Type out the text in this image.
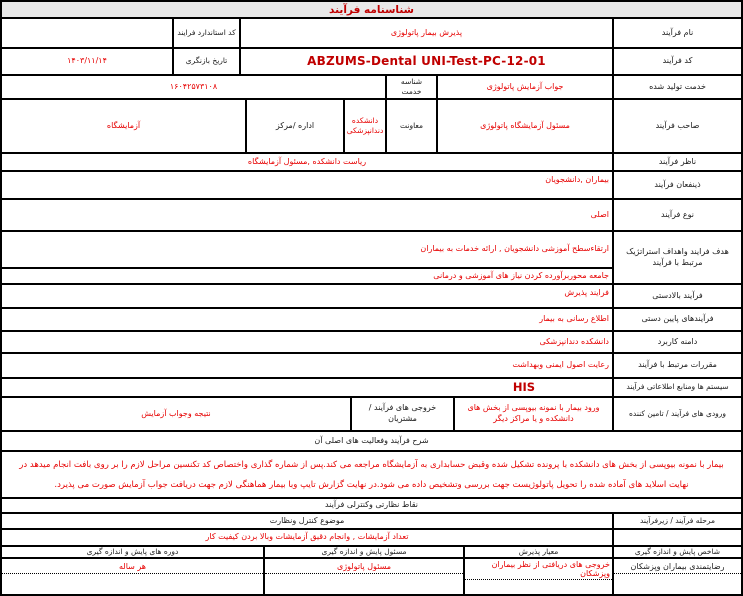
شناسنامه فرآیند
نام فرآیند
پذیرش بیمار پاتولوژی
کد استاندارد فرایند
کد فرآیند
ABZUMS-Dental UNI-Test-PC-12-01
تاریخ بازنگری
۱۴۰۳/۱۱/۱۴
خدمت تولید شده
جواب آزمایش پاتولوژی
شناسه خدمت
۱۶۰۴۲۵۷۳۱۰۸
صاحب فرآیند
مسئول آزمایشگاه پاتولوژی
معاونت
دانشکده دندانپزشکی
اداره /مرکز
آزمایشگاه
ناظر فرآیند
ریاست دانشکده ,مسئول آزمایشگاه
ذینفعان فرآیند
بیماران ,دانشجویان
نوع فرآیند
اصلی
هدف فرایند واهداف استراتژیک مرتبط با فرآیند
ارتقاءسطح آموزشی دانشجویان , ارائه خدمات به بیماران
جامعه محوربرآورده کردن نیاز های آموزشی و درمانی
فرآیند بالادستی
فرایند پذیرش
فرآیندهای پایین دستی
اطلاع رسانی به بیمار
دامنه کاربرد
دانشکده دندانپزشکی
مقررات مرتبط با فرآیند
رعایت اصول ایمنی وبهداشت
سیستم ها ومنابع اطلاعاتی فرآیند
HIS
ورودی های فرآیند / تامین کننده
ورود بیمار با نمونه بیوپسی از بخش های دانشکده و یا مراکز دیگر
خروجی های فرآیند / مشتریان
نتیجه وجواب آزمایش
شرح فرآیند وفعالیت های اصلی آن
بیمار با نمونه بیوپسی از بخش های دانشکده با پرونده تشکیل شده وقبض حسابداری به آزمایشگاه مراجعه می کند.پس از شماره گذاری واختصاص کد تکنسین مراحل لازم را بر روی بافت انجام میدهد در نهایت اسلاید های آماده شده را تحویل پاتولوژیست جهت بررسی وتشخیص داده می شود.در نهایت گزارش تایپ وبا بیمار هماهنگی لازم جهت دریافت جواب آزمایش صورت می پذیرد.
نقاط نظارتی وکنترلی فرآیند
مرحله فرآیند / زیرفرآیند
موضوع کنترل ونظارت
تعداد آزمایشات , وانجام دقیق آزمایشات وبالا بردن کیفیت کار
شاخص پایش و اندازه گیری
معیار پذیرش
مسئول پایش و اندازه گیری
دوره های پایش و اندازه گیری
رضایتمندی بیماران وپزشکان
خروجی های دریافتی از نظر بیماران وپزشکان
مسئول پاتولوژی
هر ساله
